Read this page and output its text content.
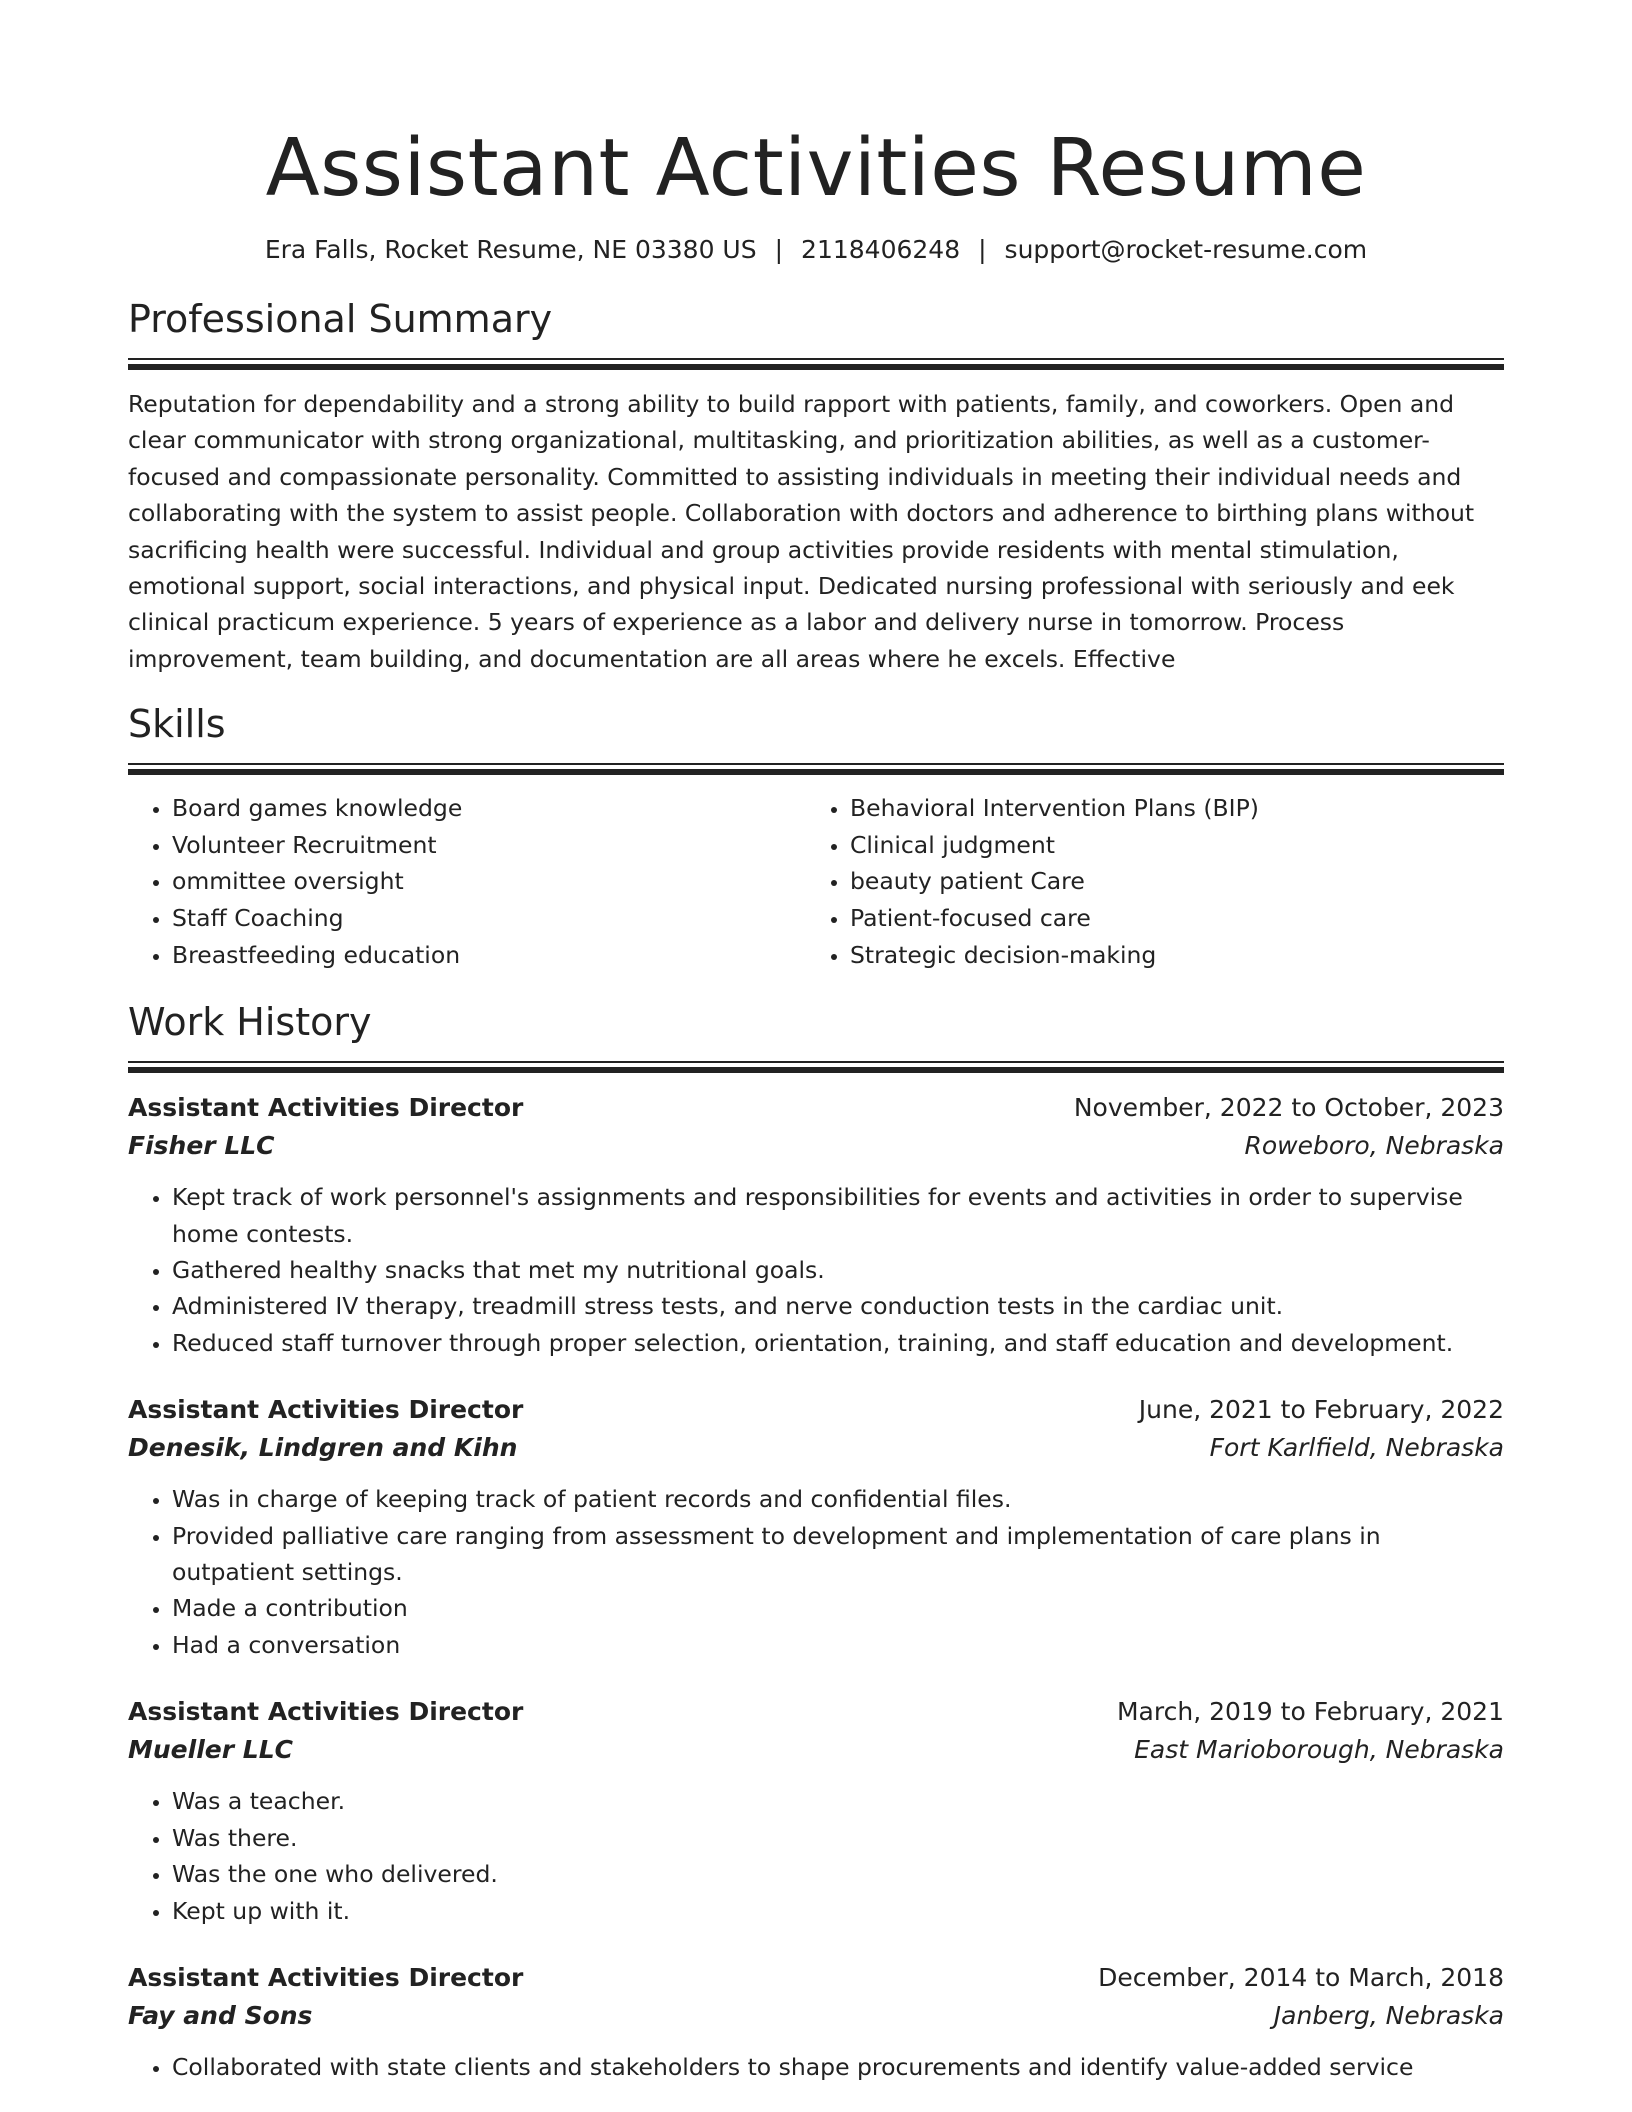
Assistant Activities Resume
Era Falls, Rocket Resume, NE 03380 US | 2118406248 | support@rocket-resume.com
Professional Summary

Reputation for dependability and a strong ability to build rapport with patients, family, and coworkers. Open and clear communicator with strong organizational, multitasking, and prioritization abilities, as well as a customer-focused and compassionate personality. Committed to assisting individuals in meeting their individual needs and collaborating with the system to assist people. Collaboration with doctors and adherence to birthing plans without sacrificing health were successful. Individual and group activities provide residents with mental stimulation, emotional support, social interactions, and physical input. Dedicated nursing professional with seriously and eek clinical practicum experience. 5 years of experience as a labor and delivery nurse in tomorrow. Process improvement, team building, and documentation are all areas where he excels. Effective

Skills
• Board games knowledge
• Volunteer Recruitment
• ommittee oversight
• Staff Coaching
• Breastfeeding education
• Behavioral Intervention Plans (BIP)
• Clinical judgment
• beauty patient Care
• Patient-focused care
• Strategic decision-making
Work History
Assistant Activities Director	November, 2022 to October, 2023
Fisher LLC	Roweboro, Nebraska
• Kept track of work personnel's assignments and responsibilities for events and activities in order to supervise home contests.
• Gathered healthy snacks that met my nutritional goals.
• Administered IV therapy, treadmill stress tests, and nerve conduction tests in the cardiac unit.
• Reduced staff turnover through proper selection, orientation, training, and staff education and development.
Assistant Activities Director	June, 2021 to February, 2022
Denesik, Lindgren and Kihn	Fort Karlfield, Nebraska
• Was in charge of keeping track of patient records and confidential files.
• Provided palliative care ranging from assessment to development and implementation of care plans in outpatient settings.
• Made a contribution
• Had a conversation
Assistant Activities Director	March, 2019 to February, 2021
Mueller LLC	East Marioborough, Nebraska
• Was a teacher.
• Was there.
• Was the one who delivered.
• Kept up with it.
Assistant Activities Director	December, 2014 to March, 2018
Fay and Sons	Janberg, Nebraska
• Collaborated with state clients and stakeholders to shape procurements and identify value-added service
